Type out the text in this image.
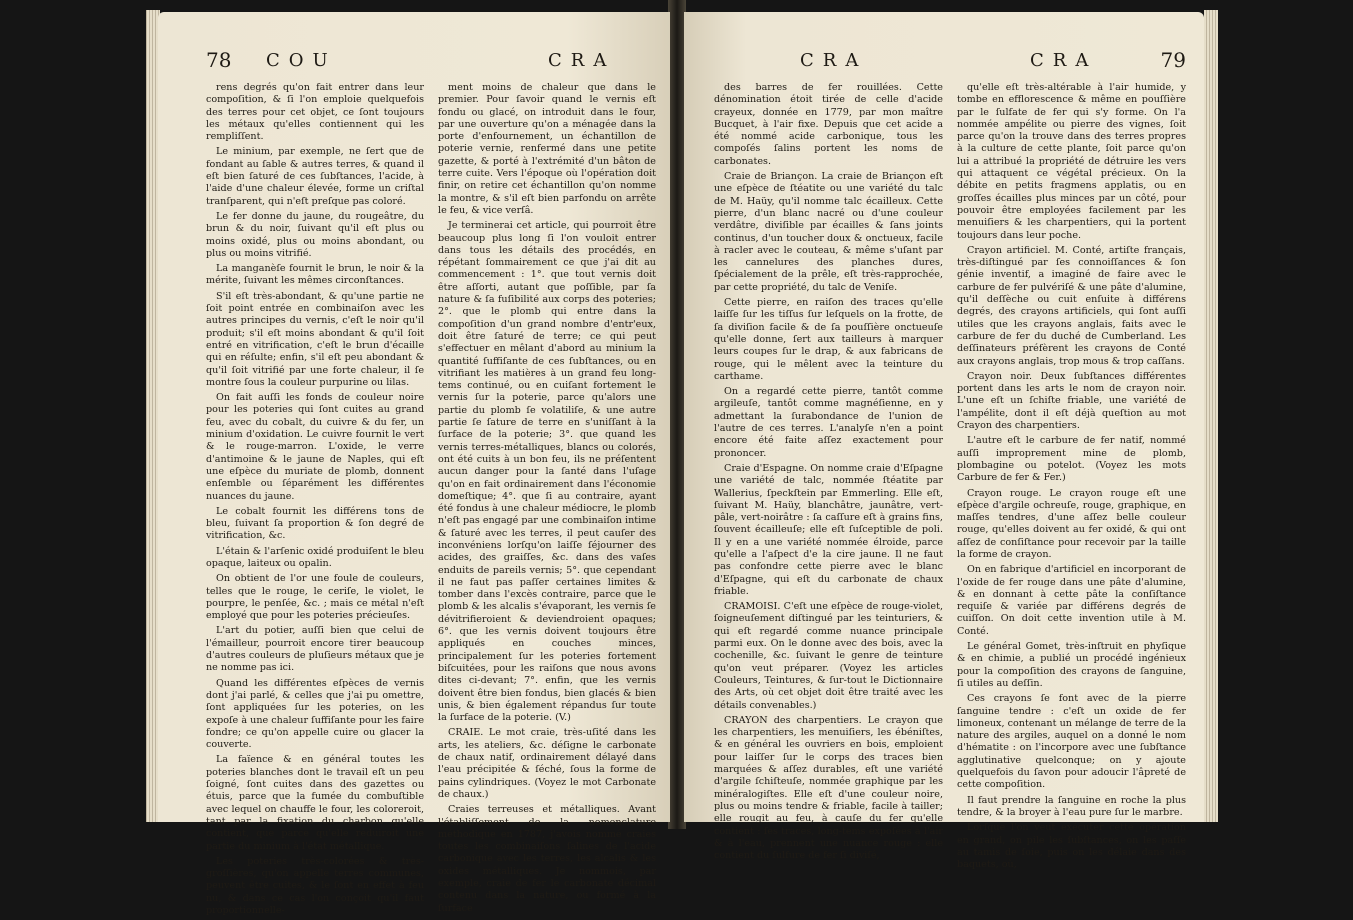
78 COU	CRA

rens degrés qu'on fait entrer dans leur compoſition, & ſi l'on emploie quelquefois des terres pour cet objet, ce ſont toujours les métaux qu'elles contiennent qui les rempliſſent.

Le minium, par exemple, ne ſert que de fondant au ſable & autres terres, & quand il eſt bien ſaturé de ces ſubſtances, l'acide, à l'aide d'une chaleur élevée, forme un criſtal tranſparent, qui n'eſt preſque pas coloré.

Le fer donne du jaune, du rougeâtre, du brun & du noir, ſuivant qu'il eſt plus ou moins oxidé, plus ou moins abondant, ou plus ou moins vitrifié.

La manganèſe fournit le brun, le noir & la mérite, ſuivant les mêmes circonſtances.

S'il eſt très-abondant, & qu'une partie ne ſoit point entrée en combinaiſon avec les autres principes du vernis, c'eſt le noir qu'il produit; s'il eſt moins abondant & qu'il ſoit entré en vitrification, c'eſt le brun d'écaille qui en réſulte; enfin, s'il eſt peu abondant & qu'il ſoit vitrifié par une forte chaleur, il ſe montre ſous la couleur purpurine ou lilas.

On fait auſſi les fonds de couleur noire pour les poteries qui ſont cuites au grand feu, avec du cobalt, du cuivre & du fer, un minium d'oxidation. Le cuivre fournit le vert & le rouge-marron. L'oxide, le verre d'antimoine & le jaune de Naples, qui eſt une eſpèce du muriate de plomb, donnent enſemble ou ſéparément les différentes nuances du jaune.

Le cobalt fournit les différens tons de bleu, ſuivant ſa proportion & ſon degré de vitrification, &c.

L'étain & l'arſenic oxidé produiſent le bleu opaque, laiteux ou opalin.

On obtient de l'or une foule de couleurs, telles que le rouge, le ceriſe, le violet, le pourpre, le penſée, &c. ; mais ce métal n'eſt employé que pour les poteries précieuſes.

L'art du potier, auſſi bien que celui de l'émailleur, pourroit encore tirer beaucoup d'autres couleurs de pluſieurs métaux que je ne nomme pas ici.

Quand les différentes eſpèces de vernis dont j'ai parlé, & celles que j'ai pu omettre, ſont appliquées ſur les poteries, on les expoſe à une chaleur ſuffiſante pour les faire fondre; ce qu'on appelle cuire ou glacer la couverte.

La faïence & en général toutes les poteries blanches dont le travail eſt un peu ſoigné, ſont cuites dans des gazettes ou étuis, parce que la fumée du combuſtible avec lequel on chauffe le four, les coloreroit, tant par la fixation du charbon qu'elle contient, que parce qu'elle réduiroit une partie du minium à l'état métallique.

Les poteries très-colorées & très-groſſières, qu'on appelle terres communes, peuvent être cuites, & le ſont en effet à feu nu, & dans ce cas l'on conçoit qu'il faut proportionnelle-

ment moins de chaleur que dans le premier. Pour ſavoir quand le vernis eſt fondu ou glacé, on introduit dans le four, par une ouverture qu'on a ménagée dans la porte d'enfournement, un échantillon de poterie vernie, renfermé dans une petite gazette, & porté à l'extrémité d'un bâton de terre cuite. Vers l'époque où l'opération doit finir, on retire cet échantillon qu'on nomme la montre, & s'il eſt bien parfondu on arrête le feu, & vice verſâ.

Je terminerai cet article, qui pourroit être beaucoup plus long ſi l'on vouloit entrer dans tous les détails des procédés, en répétant ſommairement ce que j'ai dit au commencement : 1°. que tout vernis doit être aſſorti, autant que poſſible, par ſa nature & ſa fuſibilité aux corps des poteries; 2°. que le plomb qui entre dans la compoſition d'un grand nombre d'entr'eux, doit être ſaturé de terre; ce qui peut s'effectuer en mêlant d'abord au minium la quantité ſuffiſante de ces ſubſtances, ou en vitrifiant les matières à un grand feu long-tems continué, ou en cuiſant fortement le vernis ſur la poterie, parce qu'alors une partie du plomb ſe volatiliſe, & une autre partie ſe ſature de terre en s'uniſſant à la ſurface de la poterie; 3°. que quand les vernis terres-métalliques, blancs ou colorés, ont été cuits à un bon feu, ils ne préſentent aucun danger pour la ſanté dans l'uſage qu'on en fait ordinairement dans l'économie domeſtique; 4°. que ſi au contraire, ayant été fondus à une chaleur médiocre, le plomb n'eſt pas engagé par une combinaiſon intime & ſaturé avec les terres, il peut cauſer des inconvéniens lorſqu'on laiſſe ſéjourner des acides, des graiſſes, &c. dans des vaſes enduits de pareils vernis; 5°. que cependant il ne faut pas paſſer certaines limites & tomber dans l'excès contraire, parce que le plomb & les alcalis s'évaporant, les vernis ſe dévitrifieroient & deviendroient opaques; 6°. que les vernis doivent toujours être appliqués en couches minces, principalement ſur les poteries fortement biſcuitées, pour les raiſons que nous avons dites ci-devant; 7°. enfin, que les vernis doivent être bien fondus, bien glacés & bien unis, & bien également répandus ſur toute la ſurface de la poterie. (V.)

CRAIE. Le mot craie, très-uſité dans les arts, les ateliers, &c. déſigne le carbonate de chaux natif, ordinairement délayé dans l'eau précipitée & ſéché, ſous la forme de pains cylindriques. (Voyez le mot Carbonate de chaux.)

Craies terreuses et métalliques. Avant l'établiſſement de la nomenclature méthodique en 1787, j'avois nommé craies toutes les combinaiſons ſalines de l'acide carbonique avec les terres, les alcalis & les oxides métalliques. Je nommois, par exemple, craie de fer le carbonate décimal contenu dans la nature, ou formé à la ſurface

CRA	CRA	79

des barres de fer rouillées. Cette dénomination étoit tirée de celle d'acide crayeux, donnée en 1779, par mon maître Bucquet, à l'air fixe. Depuis que cet acide a été nommé acide carbonique, tous les compoſés ſalins portent les noms de carbonates.

Craie de Briançon. La craie de Briançon eſt une eſpèce de ſtéatite ou une variété du talc de M. Haüy, qu'il nomme talc écailleux. Cette pierre, d'un blanc nacré ou d'une couleur verdâtre, diviſible par écailles & ſans joints continus, d'un toucher doux & onctueux, facile à racler avec le couteau, & même s'uſant par les cannelures des planches dures, ſpécialement de la prêle, eſt très-rapprochée, par cette propriété, du talc de Veniſe.

Cette pierre, en raiſon des traces qu'elle laiſſe ſur les tiſſus ſur leſquels on la frotte, de ſa diviſion facile & de ſa pouſſière onctueuſe qu'elle donne, ſert aux tailleurs à marquer leurs coupes ſur le drap, & aux fabricans de rouge, qui le mêlent avec la teinture du carthame.

On a regardé cette pierre, tantôt comme argileuſe, tantôt comme magnéſienne, en y admettant la ſurabondance de l'union de l'autre de ces terres. L'analyſe n'en a point encore été faite aſſez exactement pour prononcer.

Craie d'Espagne. On nomme craie d'Eſpagne une variété de talc, nommée ſtéatite par Wallerius, ſpeckſtein par Emmerling. Elle eſt, ſuivant M. Haüy, blanchâtre, jaunâtre, vert-pâle, vert-noirâtre : ſa caſſure eſt à grains fins, ſouvent écailleuſe; elle eſt ſuſceptible de poli. Il y en a une variété nommée élroide, parce qu'elle a l'aſpect d'e la cire jaune. Il ne faut pas confondre cette pierre avec le blanc d'Eſpagne, qui eſt du carbonate de chaux friable.

CRAMOISI. C'eſt une eſpèce de rouge-violet, ſoigneuſement diſtingué par les teinturiers, & qui eſt regardé comme nuance principale parmi eux. On le donne avec des bois, avec la cochenille, &c. ſuivant le genre de teinture qu'on veut préparer. (Voyez les articles Couleurs, Teintures, & ſur-tout le Dictionnaire des Arts, où cet objet doit être traité avec les détails convenables.)

CRAYON des charpentiers. Le crayon que les charpentiers, les menuiſiers, les ébéniſtes, & en général les ouvriers en bois, emploient pour laiſſer ſur le corps des traces bien marquées & aſſez durables, eſt une variété d'argile ſchiſteuſe, nommée graphique par les minéralogiſtes. Elle eſt d'une couleur noire, plus ou moins tendre & friable, facile à tailler; elle rougit au feu, à cauſe du fer qu'elle contient : ſes traces, long-tems expoſées à l'air & à l'eau, prennent une nuance rouge : elle contient du ſulfure de fer ſi diviſé,

qu'elle eſt très-altérable à l'air humide, y tombe en efflorescence & même en pouſſière par le ſulfate de fer qui s'y forme. On l'a nommée ampélite ou pierre des vignes, ſoit parce qu'on la trouve dans des terres propres à la culture de cette plante, ſoit parce qu'on lui a attribué la propriété de détruire les vers qui attaquent ce végétal précieux. On la débite en petits fragmens applatis, ou en groſſes écailles plus minces par un côté, pour pouvoir être employées facilement par les menuiſiers & les charpentiers, qui la portent toujours dans leur poche.

Crayon artificiel. M. Conté, artiſte français, très-diſtingué par ſes connoiſſances & ſon génie inventif, a imaginé de faire avec le carbure de fer pulvériſé & une pâte d'alumine, qu'il deſſèche ou cuit enſuite à différens degrés, des crayons artificiels, qui ſont auſſi utiles que les crayons anglais, faits avec le carbure de fer du duché de Cumberland. Les deſſinateurs préfèrent les crayons de Conté aux crayons anglais, trop mous & trop caſſans.

Crayon noir. Deux ſubſtances différentes portent dans les arts le nom de crayon noir. L'une eſt un ſchiſte friable, une variété de l'ampélite, dont il eſt déjà queſtion au mot Crayon des charpentiers.

L'autre eſt le carbure de fer natif, nommé auſſi improprement mine de plomb, plombagine ou potelot. (Voyez les mots Carbure de fer & Fer.)

Crayon rouge. Le crayon rouge eſt une eſpèce d'argile ochreuſe, rouge, graphique, en maſſes tendres, d'une aſſez belle couleur rouge, qu'elles doivent au fer oxidé, & qui ont aſſez de conſiſtance pour recevoir par la taille la forme de crayon.

On en fabrique d'artificiel en incorporant de l'oxide de fer rouge dans une pâte d'alumine, & en donnant à cette pâte la conſiſtance requiſe & variée par différens degrés de cuiſſon. On doit cette invention utile à M. Conté.

Le général Gomet, très-inſtruit en phyſique & en chimie, a publié un procédé ingénieux pour la compoſition des crayons de ſanguine, ſi utiles au deſſin.

Ces crayons ſe font avec de la pierre ſanguine tendre : c'eſt un oxide de fer limoneux, contenant un mélange de terre de la nature des argiles, auquel on a donné le nom d'hématite : on l'incorpore avec une ſubſtance agglutinative quelconque; on y ajoute quelquefois du ſavon pour adoucir l'âpreté de cette compoſition.

Il faut prendre la ſanguine en roche la plus tendre, & la broyer à l'eau pure ſur le marbre.

Lorſque l'on veut exécuter cette opération en grand, on pile les ſubſtances, on les paſſe au tamis de ſoie, puis on les délaie dans des baquets, où,
